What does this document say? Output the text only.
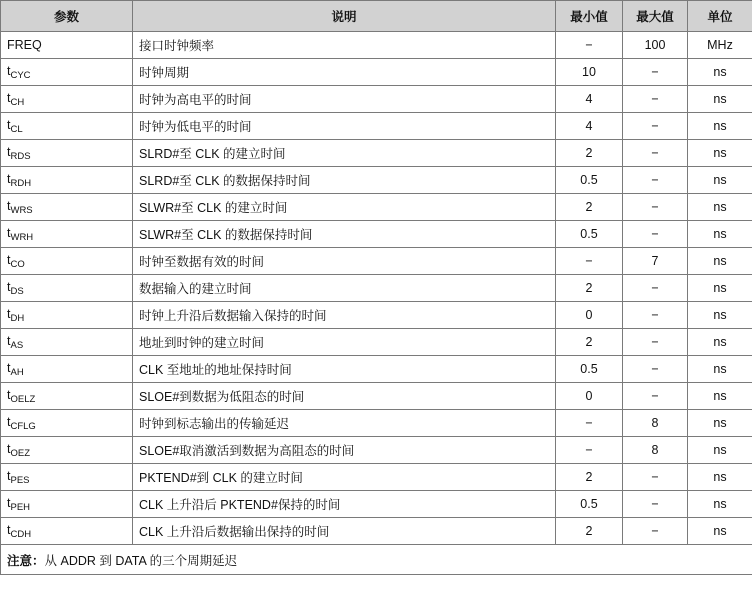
参数	说明	最小值	最大值	单位
FREQ	接口时钟频率	−	100	MHz
$t_{CYC}$	时钟周期	10	−	ns
$t_{CH}$	时钟为高电平的时间	4	−	ns
$t_{CL}$	时钟为低电平的时间	4	−	ns
$t_{RDS}$	SLRD#至 CLK 的建立时间	2	−	ns
$t_{RDH}$	SLRD#至 CLK 的数据保持时间	0.5	−	ns
$t_{WRS}$	SLWR#至 CLK 的建立时间	2	−	ns
$t_{WRH}$	SLWR#至 CLK 的数据保持时间	0.5	−	ns
$t_{CO}$	时钟至数据有效的时间	−	7	ns
$t_{DS}$	数据输入的建立时间	2	−	ns
$t_{DH}$	时钟上升沿后数据输入保持的时间	0	−	ns
$t_{AS}$	地址到时钟的建立时间	2	−	ns
$t_{AH}$	CLK 至地址的地址保持时间	0.5	−	ns
$t_{OELZ}$	SLOE#到数据为低阻态的时间	0	−	ns
$t_{CFLG}$	时钟到标志输出的传输延迟	−	8	ns
$t_{OEZ}$	SLOE#取消激活到数据为高阻态的时间	−	8	ns
$t_{PES}$	PKTEND#到 CLK 的建立时间	2	−	ns
$t_{PEH}$	CLK 上升沿后 PKTEND#保持的时间	0.5	−	ns
$t_{CDH}$	CLK 上升沿后数据输出保持的时间	2	−	ns
注意：从 ADDR 到 DATA 的三个周期延迟				
